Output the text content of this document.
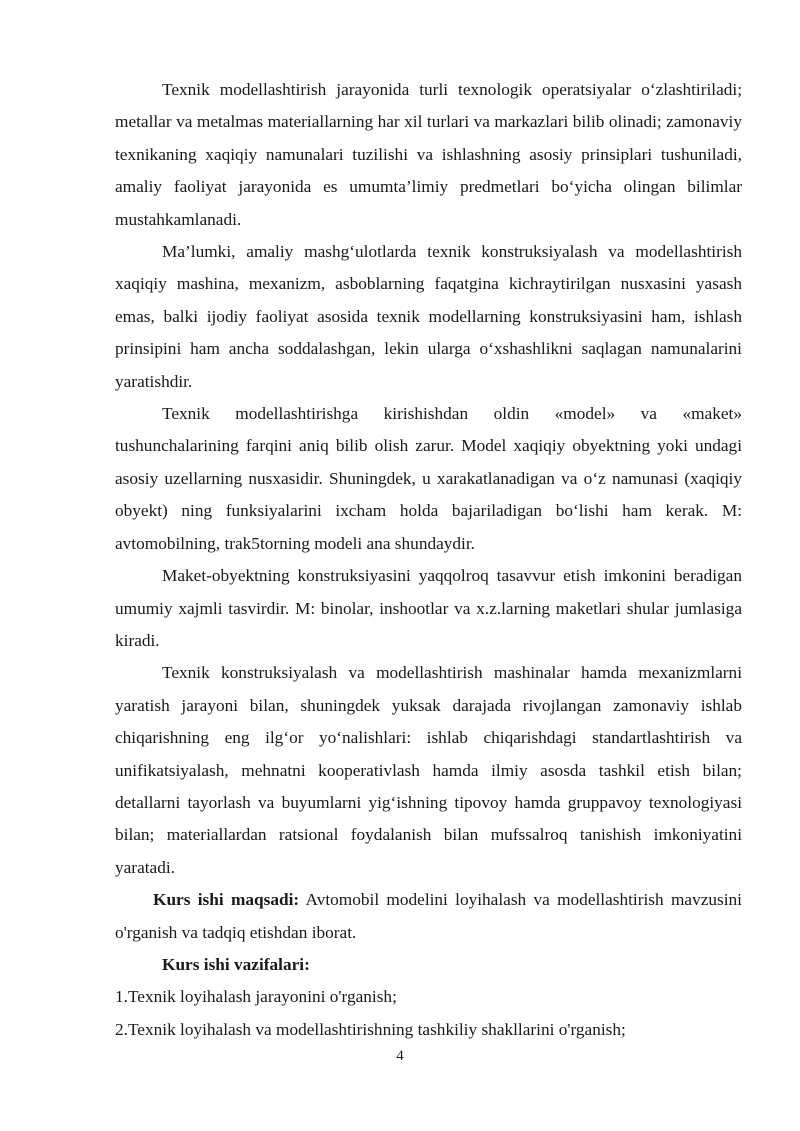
Texnik modellashtirish jarayonida turli texnologik operatsiyalar o‘zlashtiriladi; metallar va metalmas materiallarning har xil turlari va markazlari bilib olinadi; zamonaviy texnikaning xaqiqiy namunalari tuzilishi va ishlashning asosiy prinsiplari tushuniladi, amaliy faoliyat jarayonida es umumta’limiy predmetlari bo‘yicha olingan bilimlar mustahkamlanadi.

Ma’lumki, amaliy mashg‘ulotlarda texnik konstruksiyalash va modellashtirish xaqiqiy mashina, mexanizm, asboblarning faqatgina kichraytirilgan nusxasini yasash emas, balki ijodiy faoliyat asosida texnik modellarning konstruksiyasini ham, ishlash prinsipini ham ancha soddalashgan, lekin ularga o‘xshashlikni saqlagan namunalarini yaratishdir.

Texnik modellashtirishga kirishishdan oldin «model» va «maket» tushunchalarining farqini aniq bilib olish zarur. Model xaqiqiy obyektning yoki undagi asosiy uzellarning nusxasidir. Shuningdek, u xarakatlanadigan va o‘z namunasi (xaqiqiy obyekt) ning funksiyalarini ixcham holda bajariladigan bo‘lishi ham kerak. M: avtomobilning, trak5torning modeli ana shundaydir.

Maket-obyektning konstruksiyasini yaqqolroq tasavvur etish imkonini beradigan umumiy xajmli tasvirdir. M: binolar, inshootlar va x.z.larning maketlari shular jumlasiga kiradi.

Texnik konstruksiyalash va modellashtirish mashinalar hamda mexanizmlarni yaratish jarayoni bilan, shuningdek yuksak darajada rivojlangan zamonaviy ishlab chiqarishning eng ilg‘or yo‘nalishlari: ishlab chiqarishdagi standartlashtirish va unifikatsiyalash, mehnatni kooperativlash hamda ilmiy asosda tashkil etish bilan; detallarni tayorlash va buyumlarni yig‘ishning tipovoy hamda gruppavoy texnologiyasi bilan; materiallardan ratsional foydalanish bilan mufssalroq tanishish imkoniyatini yaratadi.

Kurs ishi maqsadi: Avtomobil modelini loyihalash va modellashtirish mavzusini o'rganish va tadqiq etishdan iborat.

Kurs ishi vazifalari:

1.Texnik loyihalash jarayonini o'rganish;

2.Texnik loyihalash va modellashtirishning tashkiliy shakllarini o'rganish;

4
